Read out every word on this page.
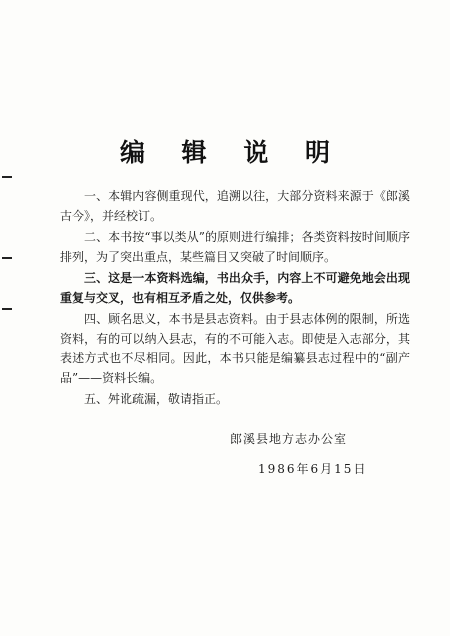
编 辑 说 明

一、本辑内容侧重现代，追溯以往，大部分资料来源于《郎溪古今》，并经校订。

二、本书按“事以类从”的原则进行编排；各类资料按时间顺序排列，为了突出重点，某些篇目又突破了时间顺序。

三、这是一本资料选编，书出众手，内容上不可避免地会出现重复与交叉，也有相互矛盾之处，仅供参考。

四、顾名思义，本书是县志资料。由于县志体例的限制，所选资料，有的可以纳入县志，有的不可能入志。即使是入志部分，其表述方式也不尽相同。因此，本书只能是编纂县志过程中的“副产品”——资料长编。

五、舛讹疏漏，敬请指正。

郎溪县地方志办公室
1986年6月15日
